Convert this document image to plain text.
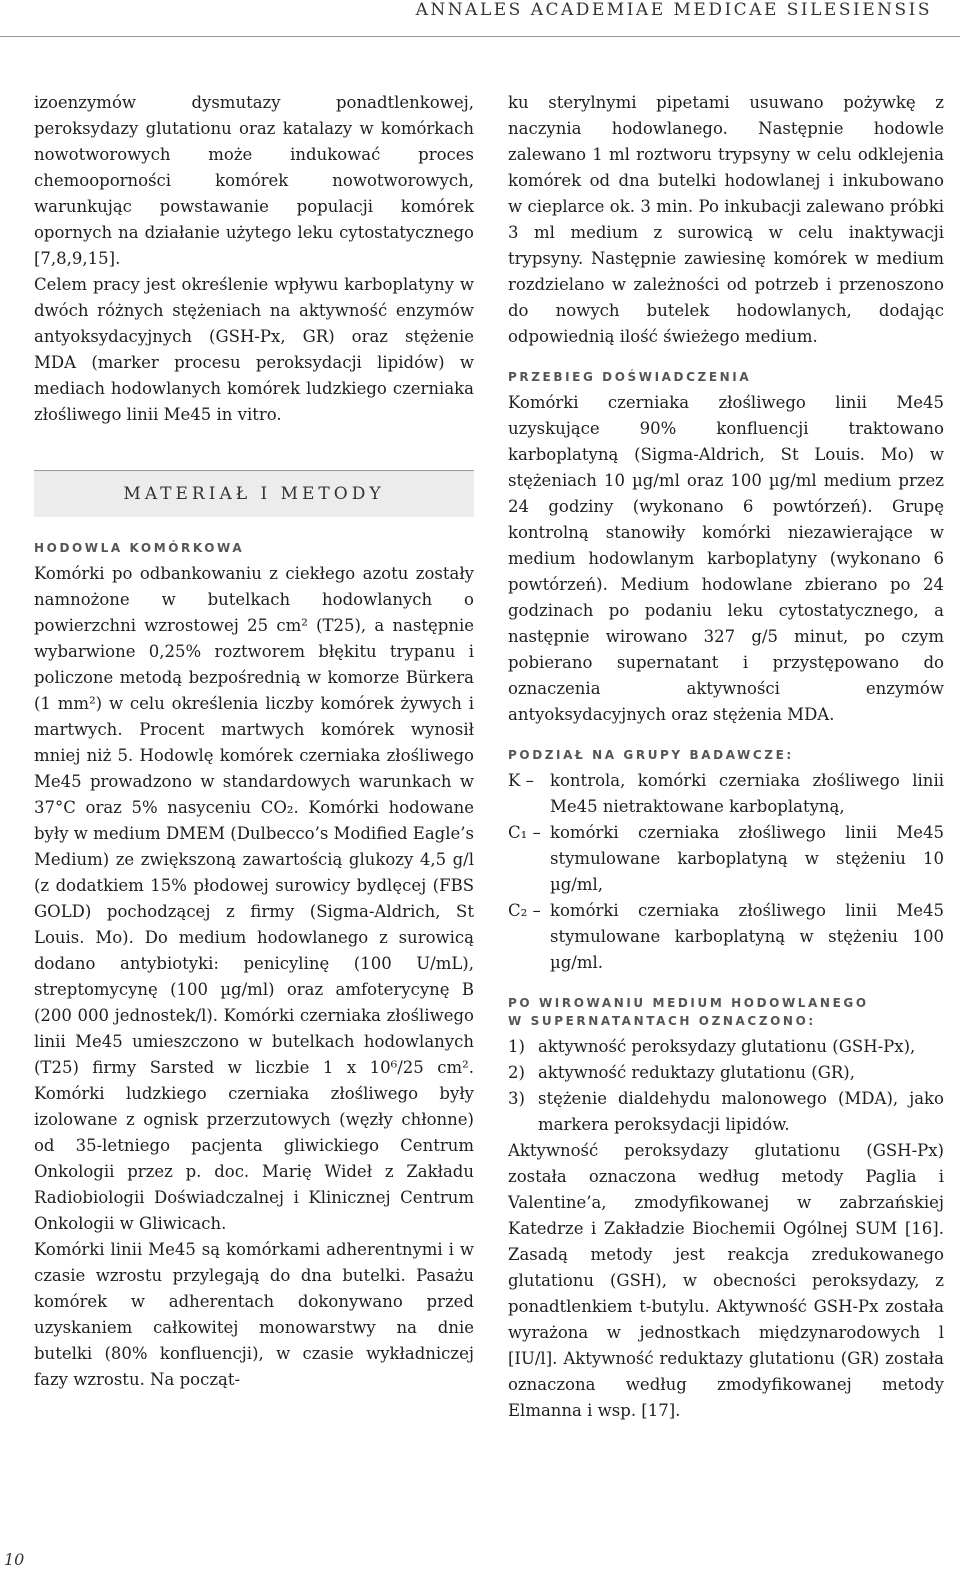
ANNALES ACADEMIAE MEDICAE SILESIENSIS

izoenzymów dysmutazy ponadtlenkowej, peroksydazy glutationu oraz katalazy w komórkach nowotworowych może indukować proces chemooporności komórek nowotworowych, warunkując powstawanie populacji komórek opornych na działanie użytego leku cytostatycznego [7,8,9,15].

Celem pracy jest określenie wpływu karboplatyny w dwóch różnych stężeniach na aktywność enzymów antyoksydacyjnych (GSH-Px, GR) oraz stężenie MDA (marker procesu peroksydacji lipidów) w mediach hodowlanych komórek ludzkiego czerniaka złośliwego linii Me45 in vitro.

MATERIAŁ I METODY
HODOWLA KOMÓRKOWA

Komórki po odbankowaniu z ciekłego azotu zostały namnożone w butelkach hodowlanych o powierzchni wzrostowej 25 cm² (T25), a następnie wybarwione 0,25% roztworem błękitu trypanu i policzone metodą bezpośrednią w komorze Bürkera (1 mm²) w celu określenia liczby komórek żywych i martwych. Procent martwych komórek wynosił mniej niż 5. Hodowlę komórek czerniaka złośliwego Me45 prowadzono w standardowych warunkach w 37°C oraz 5% nasyceniu CO₂. Komórki hodowane były w medium DMEM (Dulbecco’s Modified Eagle’s Medium) ze zwiększoną zawartością glukozy 4,5 g/l (z dodatkiem 15% płodowej surowicy bydlęcej (FBS GOLD) pochodzącej z firmy (Sigma-Aldrich, St Louis. Mo). Do medium hodowlanego z surowicą dodano antybiotyki: penicylinę (100 U/mL), streptomycynę (100 µg/ml) oraz amfoterycynę B (200 000 jednostek/l). Komórki czerniaka złośliwego linii Me45 umieszczono w butelkach hodowlanych (T25) firmy Sarsted w liczbie 1 x 10⁶/25 cm². Komórki ludzkiego czerniaka złośliwego były izolowane z ognisk przerzutowych (węzły chłonne) od 35-letniego pacjenta gliwickiego Centrum Onkologii przez p. doc. Marię Wideł z Zakładu Radiobiologii Doświadczalnej i Klinicznej Centrum Onkologii w Gliwicach.

Komórki linii Me45 są komórkami adherentnymi i w czasie wzrostu przylegają do dna butelki. Pasażu komórek w adherentach dokonywano przed uzyskaniem całkowitej monowarstwy na dnie butelki (80% konfluencji), w czasie wykładniczej fazy wzrostu. Na począt-

ku sterylnymi pipetami usuwano pożywkę z naczynia hodowlanego. Następnie hodowle zalewano 1 ml roztworu trypsyny w celu odklejenia komórek od dna butelki hodowlanej i inkubowano w cieplarce ok. 3 min. Po inkubacji zalewano próbki 3 ml medium z surowicą w celu inaktywacji trypsyny. Następnie zawiesinę komórek w medium rozdzielano w zależności od potrzeb i przenoszono do nowych butelek hodowlanych, dodając odpowiednią ilość świeżego medium.

PRZEBIEG DOŚWIADCZENIA

Komórki czerniaka złośliwego linii Me45 uzyskujące 90% konfluencji traktowano karboplatyną (Sigma-Aldrich, St Louis. Mo) w stężeniach 10 µg/ml oraz 100 µg/ml medium przez 24 godziny (wykonano 6 powtórzeń). Grupę kontrolną stanowiły komórki niezawierające w medium hodowlanym karboplatyny (wykonano 6 powtórzeń). Medium hodowlane zbierano po 24 godzinach po podaniu leku cytostatycznego, a następnie wirowano 327 g/5 minut, po czym pobierano supernatant i przystępowano do oznaczenia aktywności enzymów antyoksydacyjnych oraz stężenia MDA.

PODZIAŁ NA GRUPY BADAWCZE:
K – kontrola, komórki czerniaka złośliwego linii Me45 nietraktowane karboplatyną,
C₁ – komórki czerniaka złośliwego linii Me45 stymulowane karboplatyną w stężeniu 10 µg/ml,
C₂ – komórki czerniaka złośliwego linii Me45 stymulowane karboplatyną w stężeniu 100 µg/ml.
PO WIROWANIU MEDIUM HODOWLANEGO
W SUPERNATANTACH OZNACZONO:
1) aktywność peroksydazy glutationu (GSH-Px),
2) aktywność reduktazy glutationu (GR),
3) stężenie dialdehydu malonowego (MDA), jako markera peroksydacji lipidów.

Aktywność peroksydazy glutationu (GSH-Px) została oznaczona według metody Paglia i Valentine’a, zmodyfikowanej w zabrzańskiej Katedrze i Zakładzie Biochemii Ogólnej SUM [16]. Zasadą metody jest reakcja zredukowanego glutationu (GSH), w obecności peroksydazy, z ponadtlenkiem t-butylu. Aktywność GSH-Px została wyrażona w jednostkach międzynarodowych l [IU/l]. Aktywność reduktazy glutationu (GR) została oznaczona według zmodyfikowanej metody Elmanna i wsp. [17].

10
